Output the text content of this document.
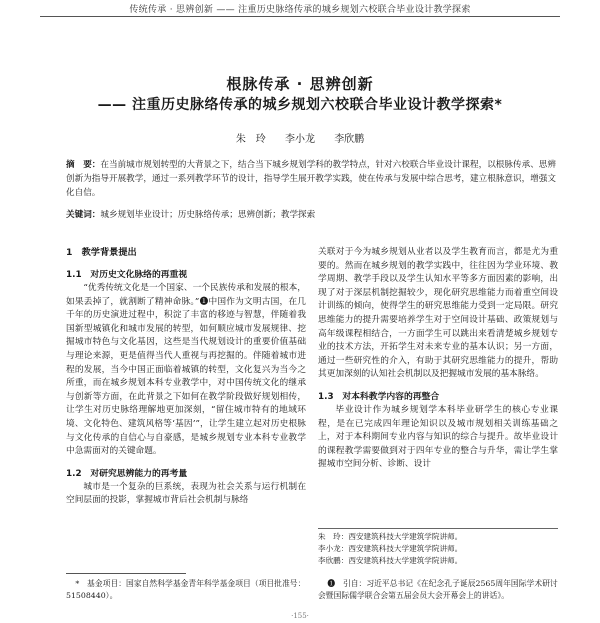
传统传承 · 思辨创新 —— 注重历史脉络传承的城乡规划六校联合毕业设计教学探索
根脉传承 · 思辨创新
—— 注重历史脉络传承的城乡规划六校联合毕业设计教学探索*
朱　玲 李小龙 李欣鹏
摘　要：在当前城市规划转型的大背景之下，结合当下城乡规划学科的教学特点，针对六校联合毕业设计课程，以根脉传承、思辨创新为指导开展教学，通过一系列教学环节的设计，指导学生展开教学实践，使在传承与发展中综合思考，建立根脉意识，增强文化自信。
关键词：城乡规划毕业设计；历史脉络传承；思辨创新；教学探索
1　教学背景提出
1.1　对历史文化脉络的再重视

“优秀传统文化是一个国家、一个民族传承和发展的根本，如果丢掉了，就割断了精神命脉。”❶中国作为文明古国，在几千年的历史演进过程中，积淀了丰富的移迹与智慧，伴随着我国新型城镇化和城市发展的转型，如何顺应城市发展规律、挖掘城市特色与文化基因，这些是当代规划设计的重要价值基础与理论来源，更是值得当代人重视与再挖掘的。伴随着城市进程的发展，当今中国正面临着城镇的转型，文化复兴为当今之所重，而在城乡规划本科专业教学中，对中国传统文化的继承与创新等方面，在此背景之下如何在教学阶段做好规划相传，让学生对历史脉络理解地更加深刻，“留住城市特有的地域环境、文化特色、建筑风格等‘基因’”，让学生建立起对历史根脉与文化传承的自信心与自豪感，是城乡规划专业本科专业教学中急需面对的关键命题。

1.2　对研究思辨能力的再考量

城市是一个复杂的巨系统，表现为社会关系与运行机制在空间层面的投影，掌握城市背后社会机制与脉络

关联对于今为城乡规划从业者以及学生教育而言，都是尤为重要的。然而在城乡规划的教学实践中，往往因为学业环境、教学周期、教学手段以及学生认知水平等多方面因素的影响，出现了对于深层机制挖掘较少，现化研究思维能力而着重空间设计训练的倾向，使得学生的研究思维能力受到一定局限。研究思维能力的提升需要培养学生对于空间设计基础、政策规划与高年级课程相结合，一方面学生可以跳出来看清楚城乡规划专业的技术方法，开拓学生对未来专业的基本认识；另一方面，通过一些研究性的介入，有助于其研究思维能力的提升，帮助其更加深刻的认知社会机制以及把握城市发展的基本脉络。

1.3　对本科教学内容的再整合

毕业设计作为城乡规划学本科毕业研学生的核心专业课程，是在已完成四年理论知识以及城市规划相关训练基础之上，对于本科期间专业内容与知识的综合与提升。故毕业设计的课程教学需要做到对于四年专业的整合与升华，需让学生掌握城市空间分析、诊断、设计

朱　玲：西安建筑科技大学建筑学院讲师。
李小龙：西安建筑科技大学建筑学院讲师。
李欣鹏：西安建筑科技大学建筑学院讲师。
*　基金项目：国家自然科学基金青年科学基金项目（项目批准号：51508440）。
❶　引自：习近平总书记《在纪念孔子诞辰2565周年国际学术研讨会暨国际儒学联合会第五届会员大会开幕会上的讲话》。
·155·
